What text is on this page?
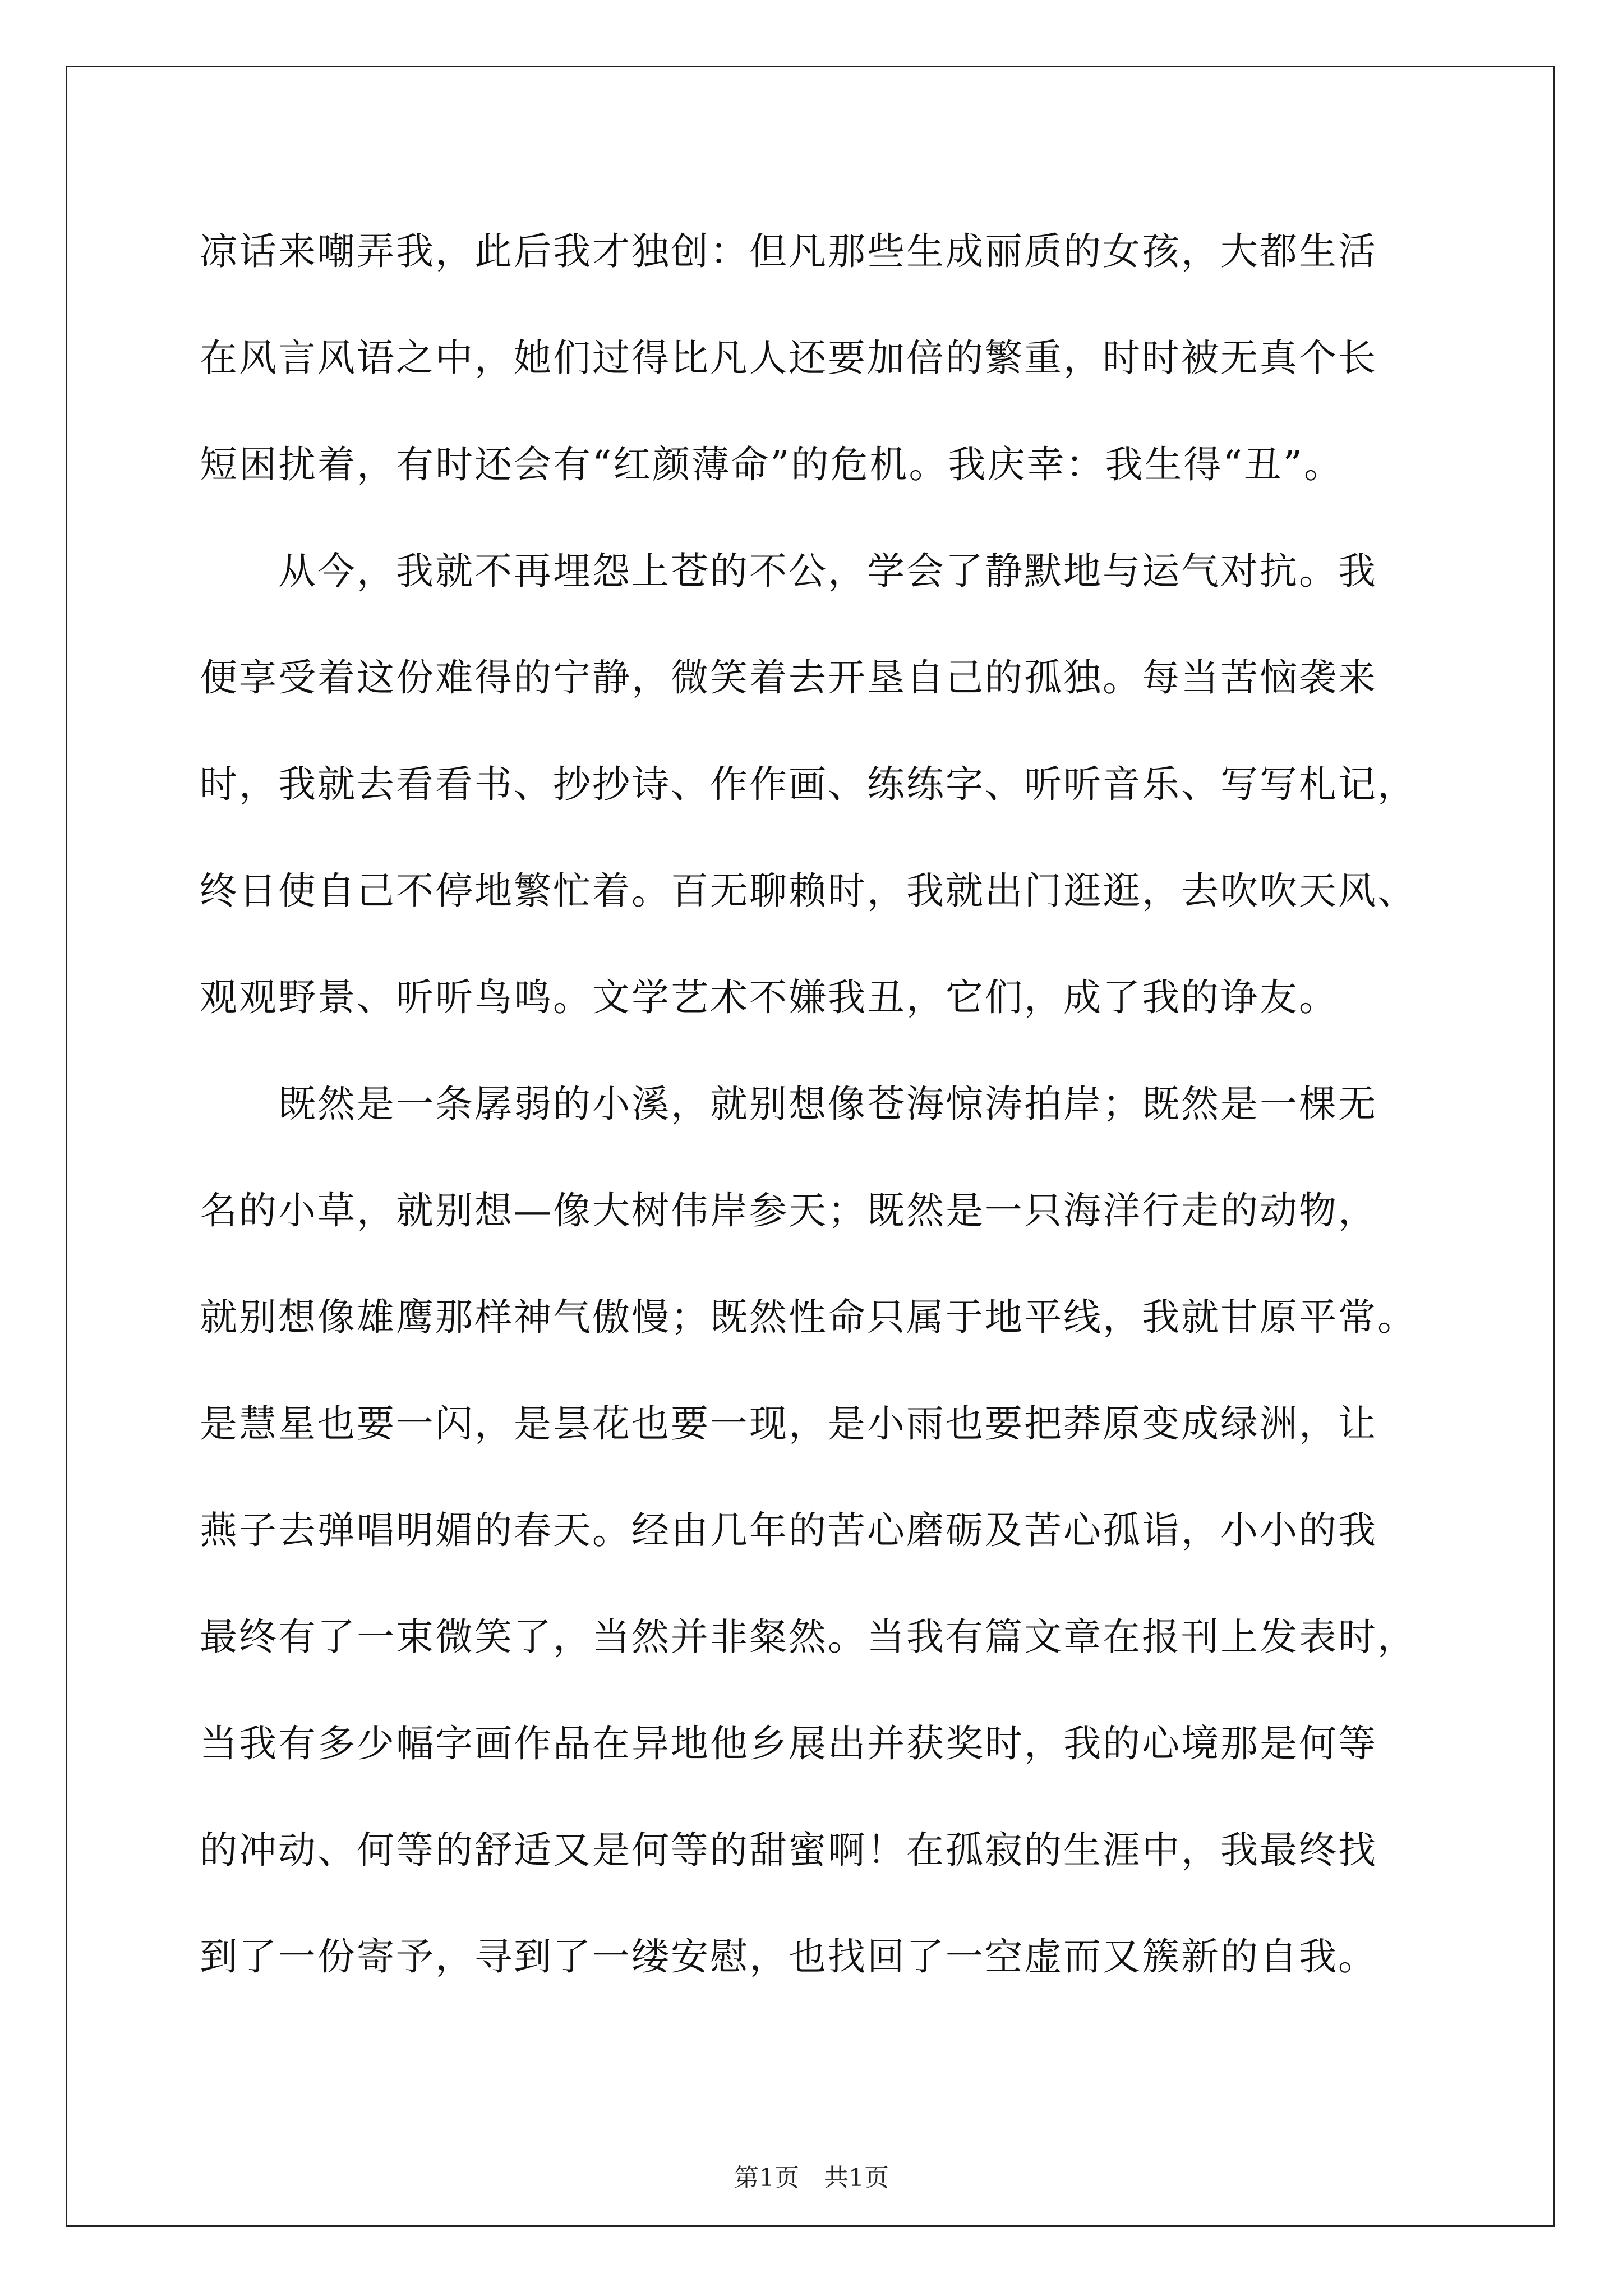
凉话来嘲弄我，此后我才独创：但凡那些生成丽质的女孩，大都生活
在风言风语之中，她们过得比凡人还要加倍的繁重，时时被无真个长
短困扰着，有时还会有“红颜薄命”的危机。我庆幸：我生得“丑”。
　　从今，我就不再埋怨上苍的不公，学会了静默地与运气对抗。我
便享受着这份难得的宁静，微笑着去开垦自己的孤独。每当苦恼袭来
时，我就去看看书、抄抄诗、作作画、练练字、听听音乐、写写札记，
终日使自己不停地繁忙着。百无聊赖时，我就出门逛逛，去吹吹天风、
观观野景、听听鸟鸣。文学艺术不嫌我丑，它们，成了我的诤友。
　　既然是一条孱弱的小溪，就别想像苍海惊涛拍岸；既然是一棵无
名的小草，就别想—像大树伟岸参天；既然是一只海洋行走的动物，
就别想像雄鹰那样神气傲慢；既然性命只属于地平线，我就甘原平常。
是慧星也要一闪，是昙花也要一现，是小雨也要把莽原变成绿洲，让
燕子去弹唱明媚的春天。经由几年的苦心磨砺及苦心孤诣，小小的我
最终有了一束微笑了，当然并非粲然。当我有篇文章在报刊上发表时，
当我有多少幅字画作品在异地他乡展出并获奖时，我的心境那是何等
的冲动、何等的舒适又是何等的甜蜜啊！在孤寂的生涯中，我最终找
到了一份寄予，寻到了一缕安慰，也找回了一空虚而又簇新的自我。
第1页　共1页
